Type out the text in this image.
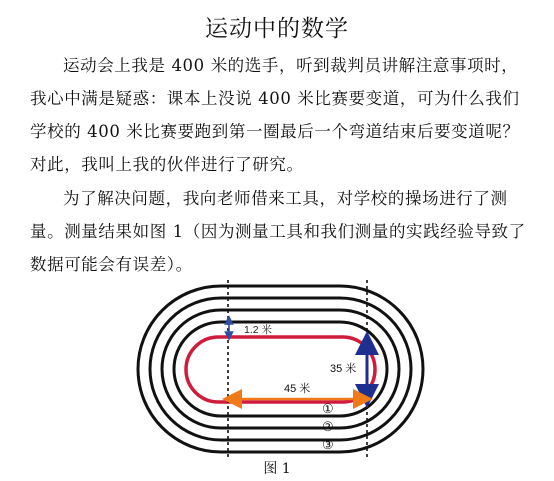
运动中的数学

运动会上我是 400 米的选手，听到裁判员讲解注意事项时，我心中满是疑惑：课本上没说 400 米比赛要变道，可为什么我们学校的 400 米比赛要跑到第一圈最后一个弯道结束后要变道呢？对此，我叫上我的伙伴进行了研究。

为了解决问题，我向老师借来工具，对学校的操场进行了测量。测量结果如图 1（因为测量工具和我们测量的实践经验导致了数据可能会有误差）。

1.2 米
35 米
45 米
①
②
③
图 1
